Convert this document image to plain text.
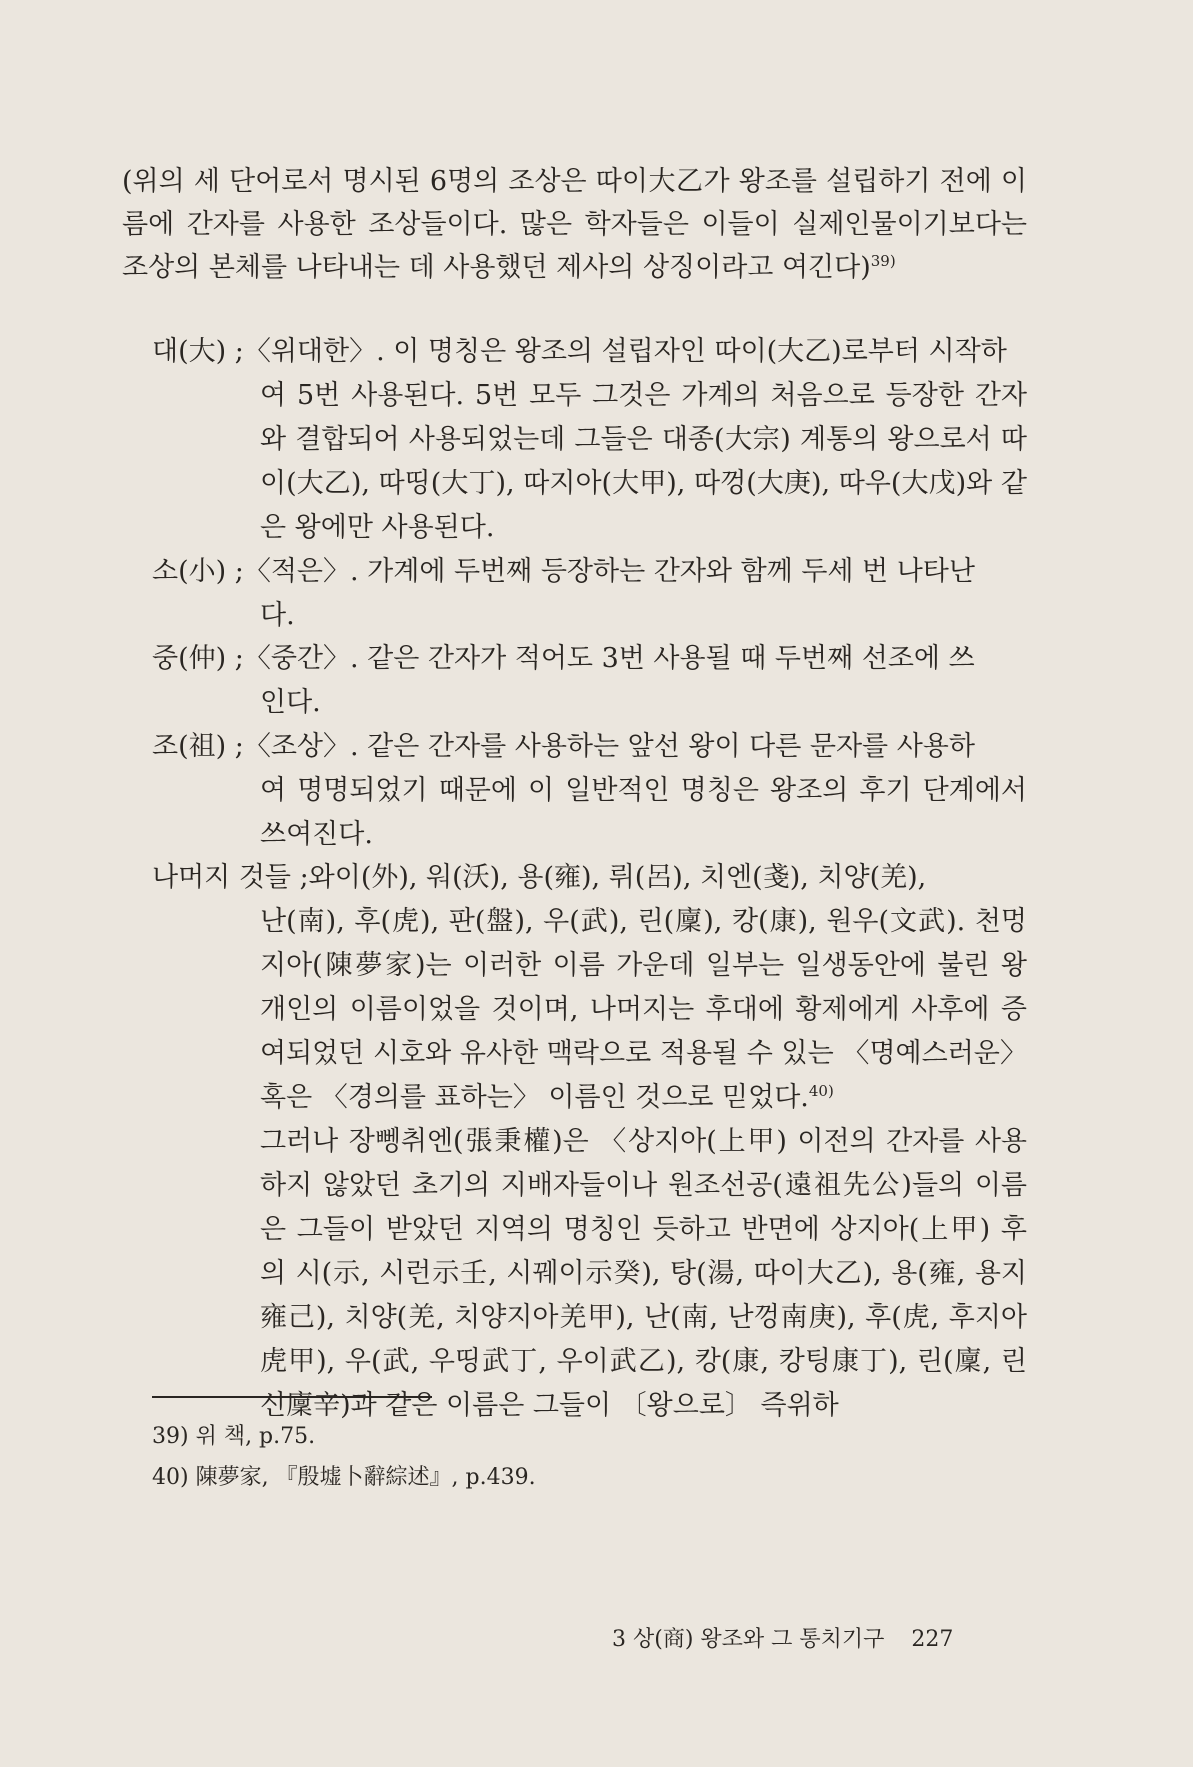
(위의 세 단어로서 명시된 6명의 조상은 따이大乙가 왕조를 설립하기 전에 이름에 간자를 사용한 조상들이다. 많은 학자들은 이들이 실제인물이기보다는 조상의 본체를 나타내는 데 사용했던 제사의 상징이라고 여긴다)$^{39)}$
대(大) ;〈위대한〉. 이 명칭은 왕조의 설립자인 따이(大乙)로부터 시작하
여 5번 사용된다. 5번 모두 그것은 가계의 처음으로 등장한 간자와 결합되어 사용되었는데 그들은 대종(大宗) 계통의 왕으로서 따이(大乙), 따띵(大丁), 따지아(大甲), 따껑(大庚), 따우(大戊)와 같은 왕에만 사용된다.
소(小) ;〈적은〉. 가계에 두번째 등장하는 간자와 함께 두세 번 나타난
다.
중(仲) ;〈중간〉. 같은 간자가 적어도 3번 사용될 때 두번째 선조에 쓰
인다.
조(祖) ;〈조상〉. 같은 간자를 사용하는 앞선 왕이 다른 문자를 사용하
여 명명되었기 때문에 이 일반적인 명칭은 왕조의 후기 단계에서 쓰여진다.
나머지 것들 ;와이(外), 워(沃), 용(雍), 뤼(呂), 치엔(戔), 치양(羌),
난(南), 후(虎), 판(盤), 우(武), 린(廩), 캉(康), 원우(文武). 천멍지아(陳夢家)는 이러한 이름 가운데 일부는 일생동안에 불린 왕 개인의 이름이었을 것이며, 나머지는 후대에 황제에게 사후에 증여되었던 시호와 유사한 맥락으로 적용될 수 있는 〈명예스러운〉 혹은 〈경의를 표하는〉 이름인 것으로 믿었다.$^{40)}$
그러나 장뼁취엔(張秉權)은 〈상지아(上甲) 이전의 간자를 사용하지 않았던 초기의 지배자들이나 원조선공(遠祖先公)들의 이름은 그들이 받았던 지역의 명칭인 듯하고 반면에 상지아(上甲) 후의 시(示, 시런示壬, 시꿰이示癸), 탕(湯, 따이大乙), 용(雍, 용지雍己), 치양(羌, 치양지아羌甲), 난(南, 난껑南庚), 후(虎, 후지아虎甲), 우(武, 우띵武丁, 우이武乙), 캉(康, 캉팅康丁), 린(廩, 린신廩辛)과 같은 이름은 그들이 〔왕으로〕 즉위하
39) 위 책, p.75.
40) 陳夢家, 『殷墟卜辭綜述』, p.439.
3 상(商) 왕조와 그 통치기구 227
